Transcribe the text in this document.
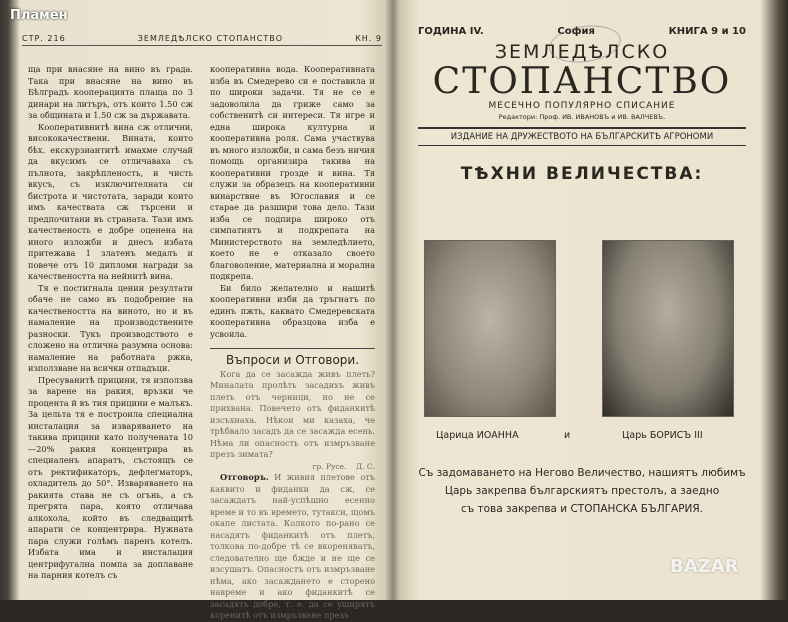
СТР. 216	ЗЕМЛЕДѢЛСКО СТОПАНСТВО	КН. 9

ща при внасяне на вино въ града. Така при внасяне на вино въ Бѣлградъ кооперацията плаща по 3 динари на литъръ, отъ които 1.50 сж за общината и 1.50 сж за държавата.

Кооперативнитѣ вина сж отлични, висококачествени. Вината, които бѣх. екскурзиантитѣ имахме случай да вкусимъ се отличаваха съ пълнота, закрѣпленость, и чисть вкусъ, съ изключителната си бистрота и чистотата, заради които имъ качествата сж търсени и предпочитани въ страната. Тази имъ качественость е добре оценена на иного изложби и днесъ избата притежава 1 златенъ медалъ и повече отъ 10 дипломи награди за качествеността на нейнитѣ вина.

Тя е постигнала цении резултати обаче не само въ подобрение на качествеността на виното, но и въ намаление на производствените разноски. Тукъ производството е сложено на отлична разумна основа: намаление на работната ржка, използване на всички отпадъци.

Пресуванитѣ прицини, тя използва за варене на ракия, връзки че процента й въ тия прицини е малъкъ. За цельта тя е построила специална инсталация за изваряването на такива прицини като получената 10—20% ракия концентрира въ специаленъ апаратъ, състоящъ се отъ ректификаторъ, дефлегматоръ, охладитель до 50°. Изваряването на ракията става не съ огънь, а съ прегрята пара, която отличава алкохола, който въ следващитѣ апарати се концентрира. Нужната пара служи голѣмъ паренъ котелъ. Избата има и инсталация центрифугална помпа за доплаване на парния котелъ съ

кооперативна вода. Кооперативната изба въ Смедерево си е поставила и по широки задачи. Тя не се е задоволила да гриже само за собственитѣ си интереси. Тя игре и една широка културна и кооперативна роля. Сама участвува въ много изложби, и сама безъ ничия помощь организира такива на кооперативни грозде и вина. Тя служи за образецъ на кооперативни винарствие въ Югославия и се старае да разшири това дело. Тази изба се подпира широко отъ симпатиятъ и подкрепата на Министерството на земледѣлието, което не е отказало своето благоволение, материална и морална подкрепа.

Би било желателно и нашитѣ кооперативни изби да тръгнатъ по единъ пжть, каквато Смедеревската кооперативна образцова изба е усвоила.

Въпроси и Отговори.

Кога да се засажда живъ плеть? Миналата пролѣть засадихъ живъ плеть отъ черници, но не се прихвана. Повечето отъ фиданкитѣ изсъхнаха. Нѣкои ми казаха, че трѣбвало засадъ да се засажда есень. Нѣма ли опасность отъ измръзване презъ зимата?

гр. Русе. Д. С.

Отговоръ. И живия плетове отъ каквито и фиданки да сж, се засаждатъ най-успѣшно есенно време и то въ времето, тутакси, щомъ окапе листата. Колкото по-рано се насадятъ фиданкитѣ отъ плетъ, толкова по-добре тѣ се вкореняватъ, следователно ще бжде и не ще се изсушатъ. Опасностъ отъ измръзване нѣма, ако засаждането е сторено навреме и ако фиданкитѣ се засадятъ добре, т. е. да се уширятъ коренитѣ отъ измръзване презъ

ГОДИНА IV.	София	КНИГА 9 и 10
ЗЕМЛЕДѢЛСКО
СТОПАНСТВО
МЕСЕЧНО ПОПУЛЯРНО СПИСАНИЕ
Редактори: Проф. ИВ. ИВАНОВЪ и ИВ. ВАЛЧЕВЪ.
ИЗДАНИЕ НА ДРУЖЕСТВОТО НА БЪЛГАРСКИТѢ АГРОНОМИ
ТѢХНИ ВЕЛИЧЕСТВА:
Царица ИОАННА	и	Царь БОРИСЪ III
Съ задомаването на Негово Величество, нашиятъ любимъ Царь закрепва българскиятъ престолъ, а заедно
съ това закрепва и СТОПАНСКА БЪЛГАРИЯ.
Пламен
BAZAR
